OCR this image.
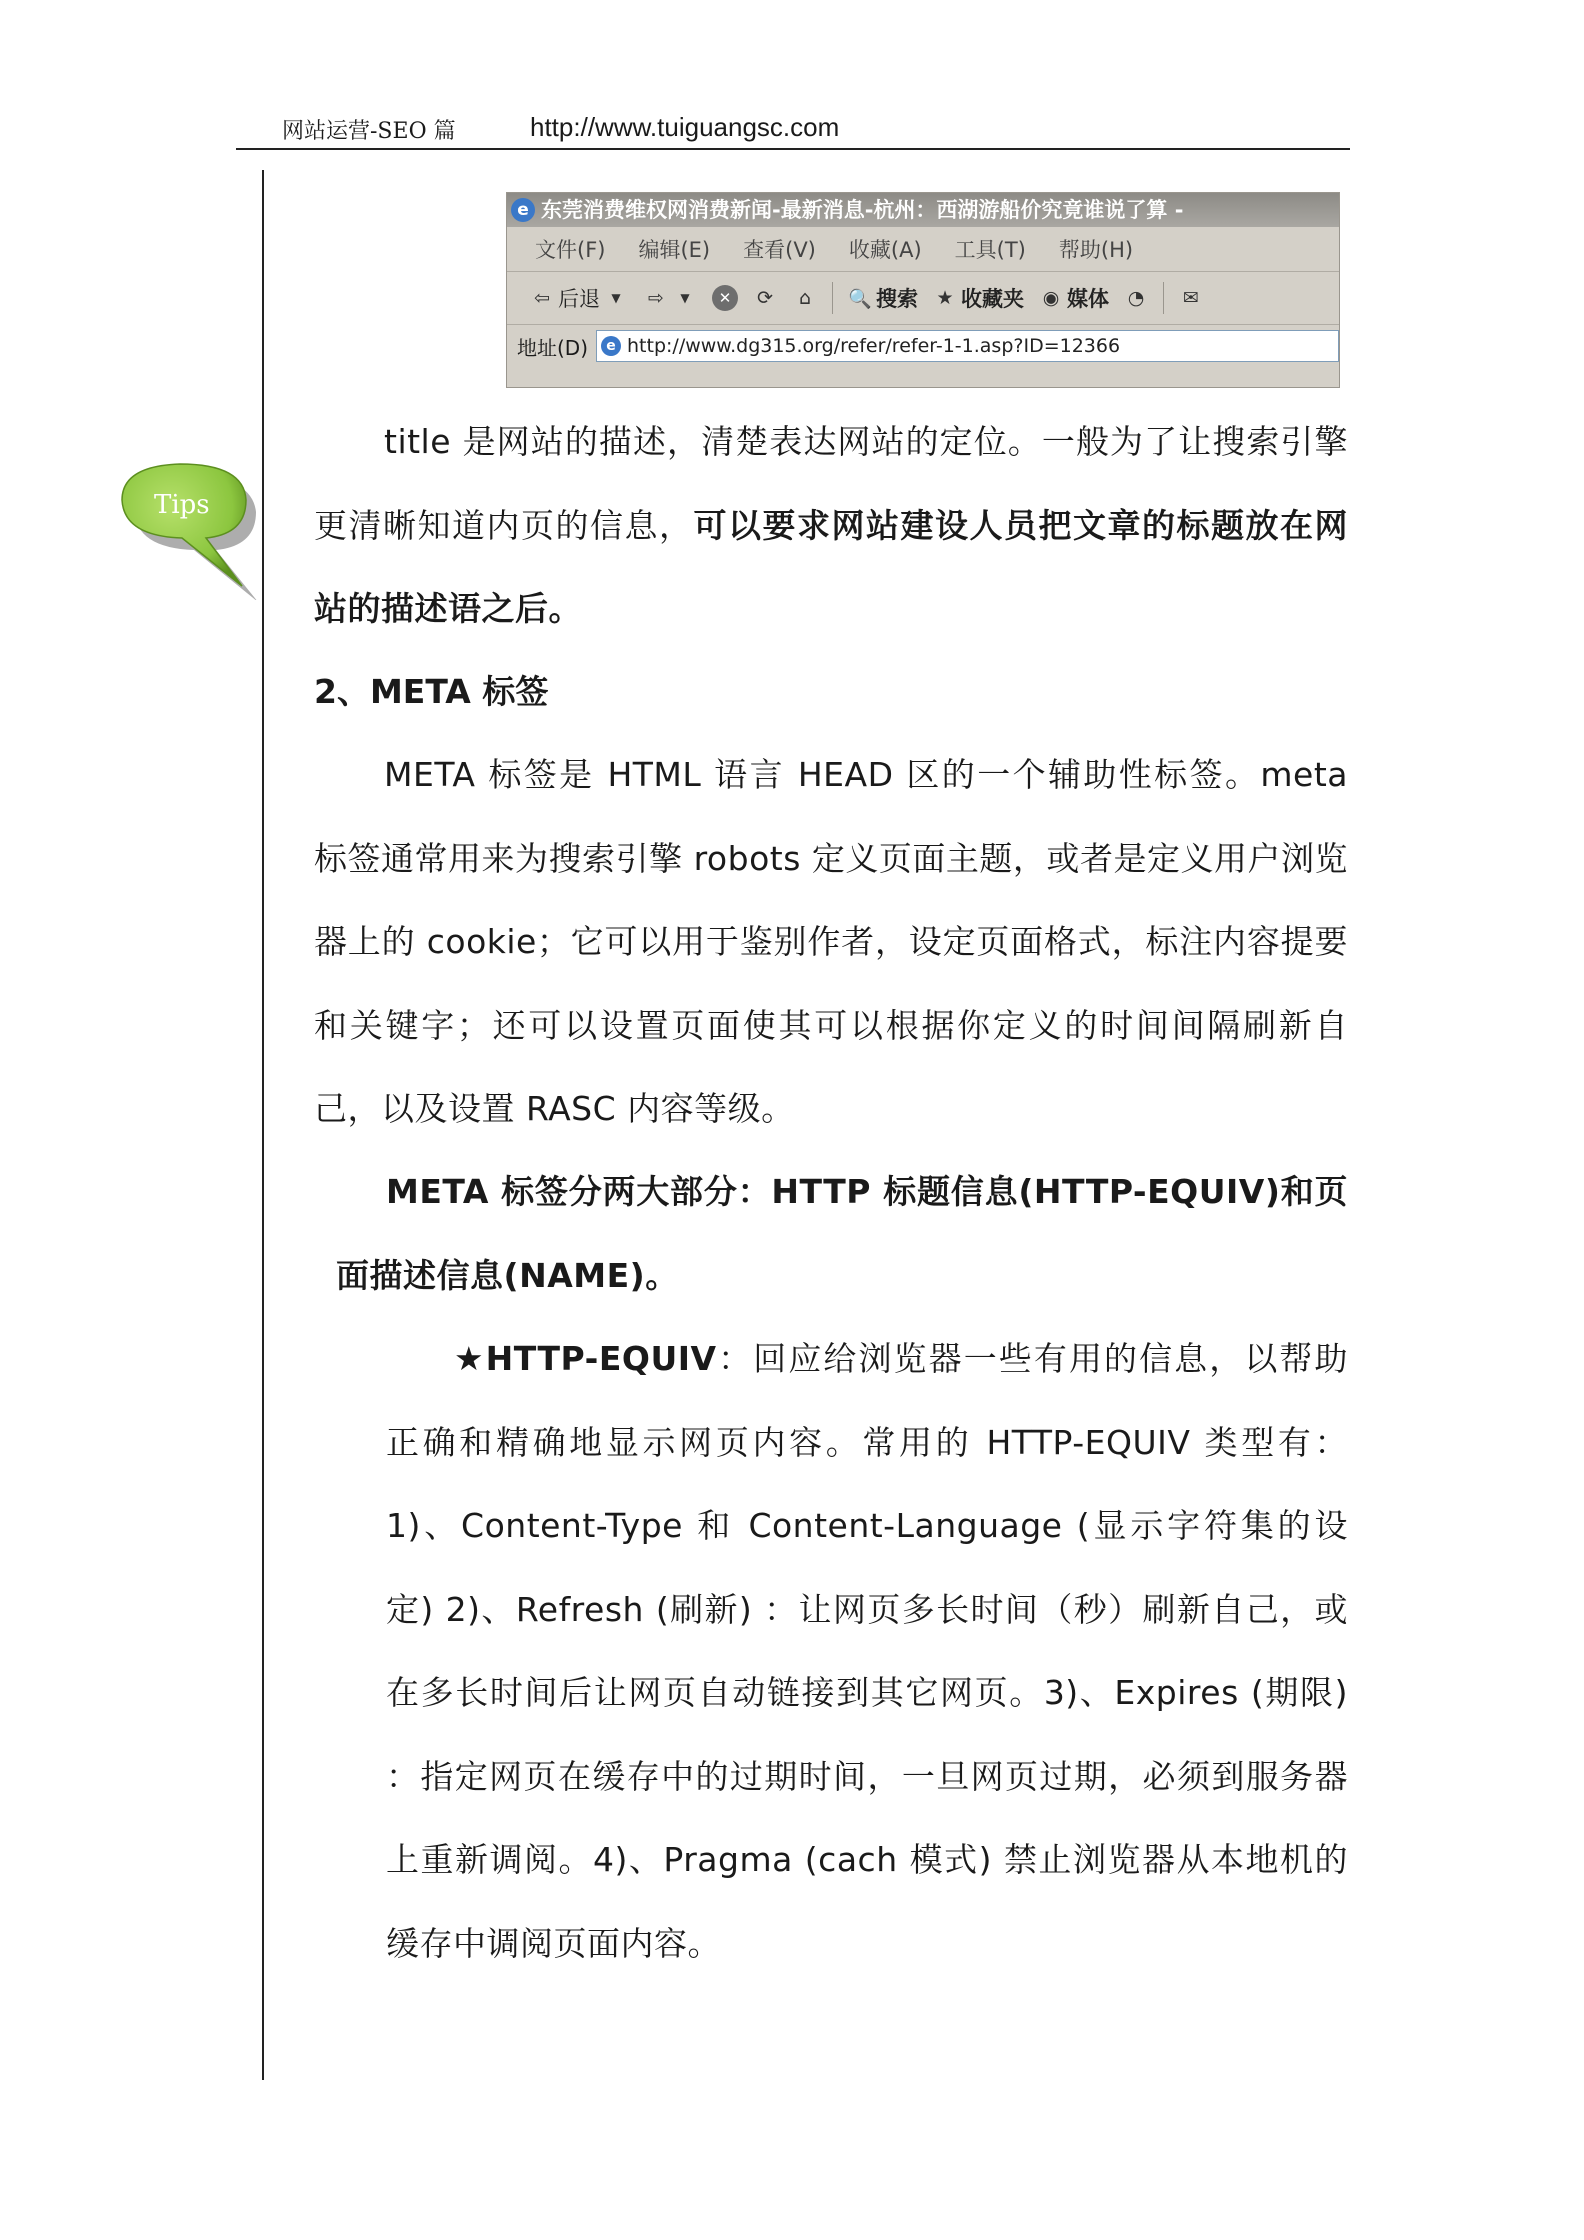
网站运营-SEO 篇	http://www.tuiguangsc.com
Tips
e 东莞消费维权网消费新闻-最新消息-杭州：西湖游船价究竟谁说了算 -
文件(F) 编辑(E) 查看(V) 收藏(A) 工具(T) 帮助(H)
⇦ 后退 ▼	⇨	▼	✕	⟳	⌂	🔍 搜索 ★ 收藏夹 ◉ 媒体 ◔ ✉
地址(D)	e http://www.dg315.org/refer/refer-1-1.asp?ID=12366

title 是网站的描述，清楚表达网站的定位。一般为了让搜索引擎更清晰知道内页的信息，可以要求网站建设人员把文章的标题放在网站的描述语之后。

2、META 标签

META 标签是 HTML 语言 HEAD 区的一个辅助性标签。meta 标签通常用来为搜索引擎 robots 定义页面主题，或者是定义用户浏览器上的 cookie；它可以用于鉴别作者，设定页面格式，标注内容提要和关键字；还可以设置页面使其可以根据你定义的时间间隔刷新自己，以及设置 RASC 内容等级。

META 标签分两大部分：HTTP 标题信息(HTTP-EQUIV)和页面描述信息(NAME)。

★HTTP-EQUIV：回应给浏览器一些有用的信息，以帮助正确和精确地显示网页内容。常用的 HTTP-EQUIV 类型有： 1)、Content-Type 和 Content-Language (显示字符集的设定) 2)、Refresh (刷新) ：让网页多长时间（秒）刷新自己，或在多长时间后让网页自动链接到其它网页。3)、Expires (期限) ：指定网页在缓存中的过期时间，一旦网页过期，必须到服务器上重新调阅。4)、Pragma (cach 模式) 禁止浏览器从本地机的缓存中调阅页面内容。
